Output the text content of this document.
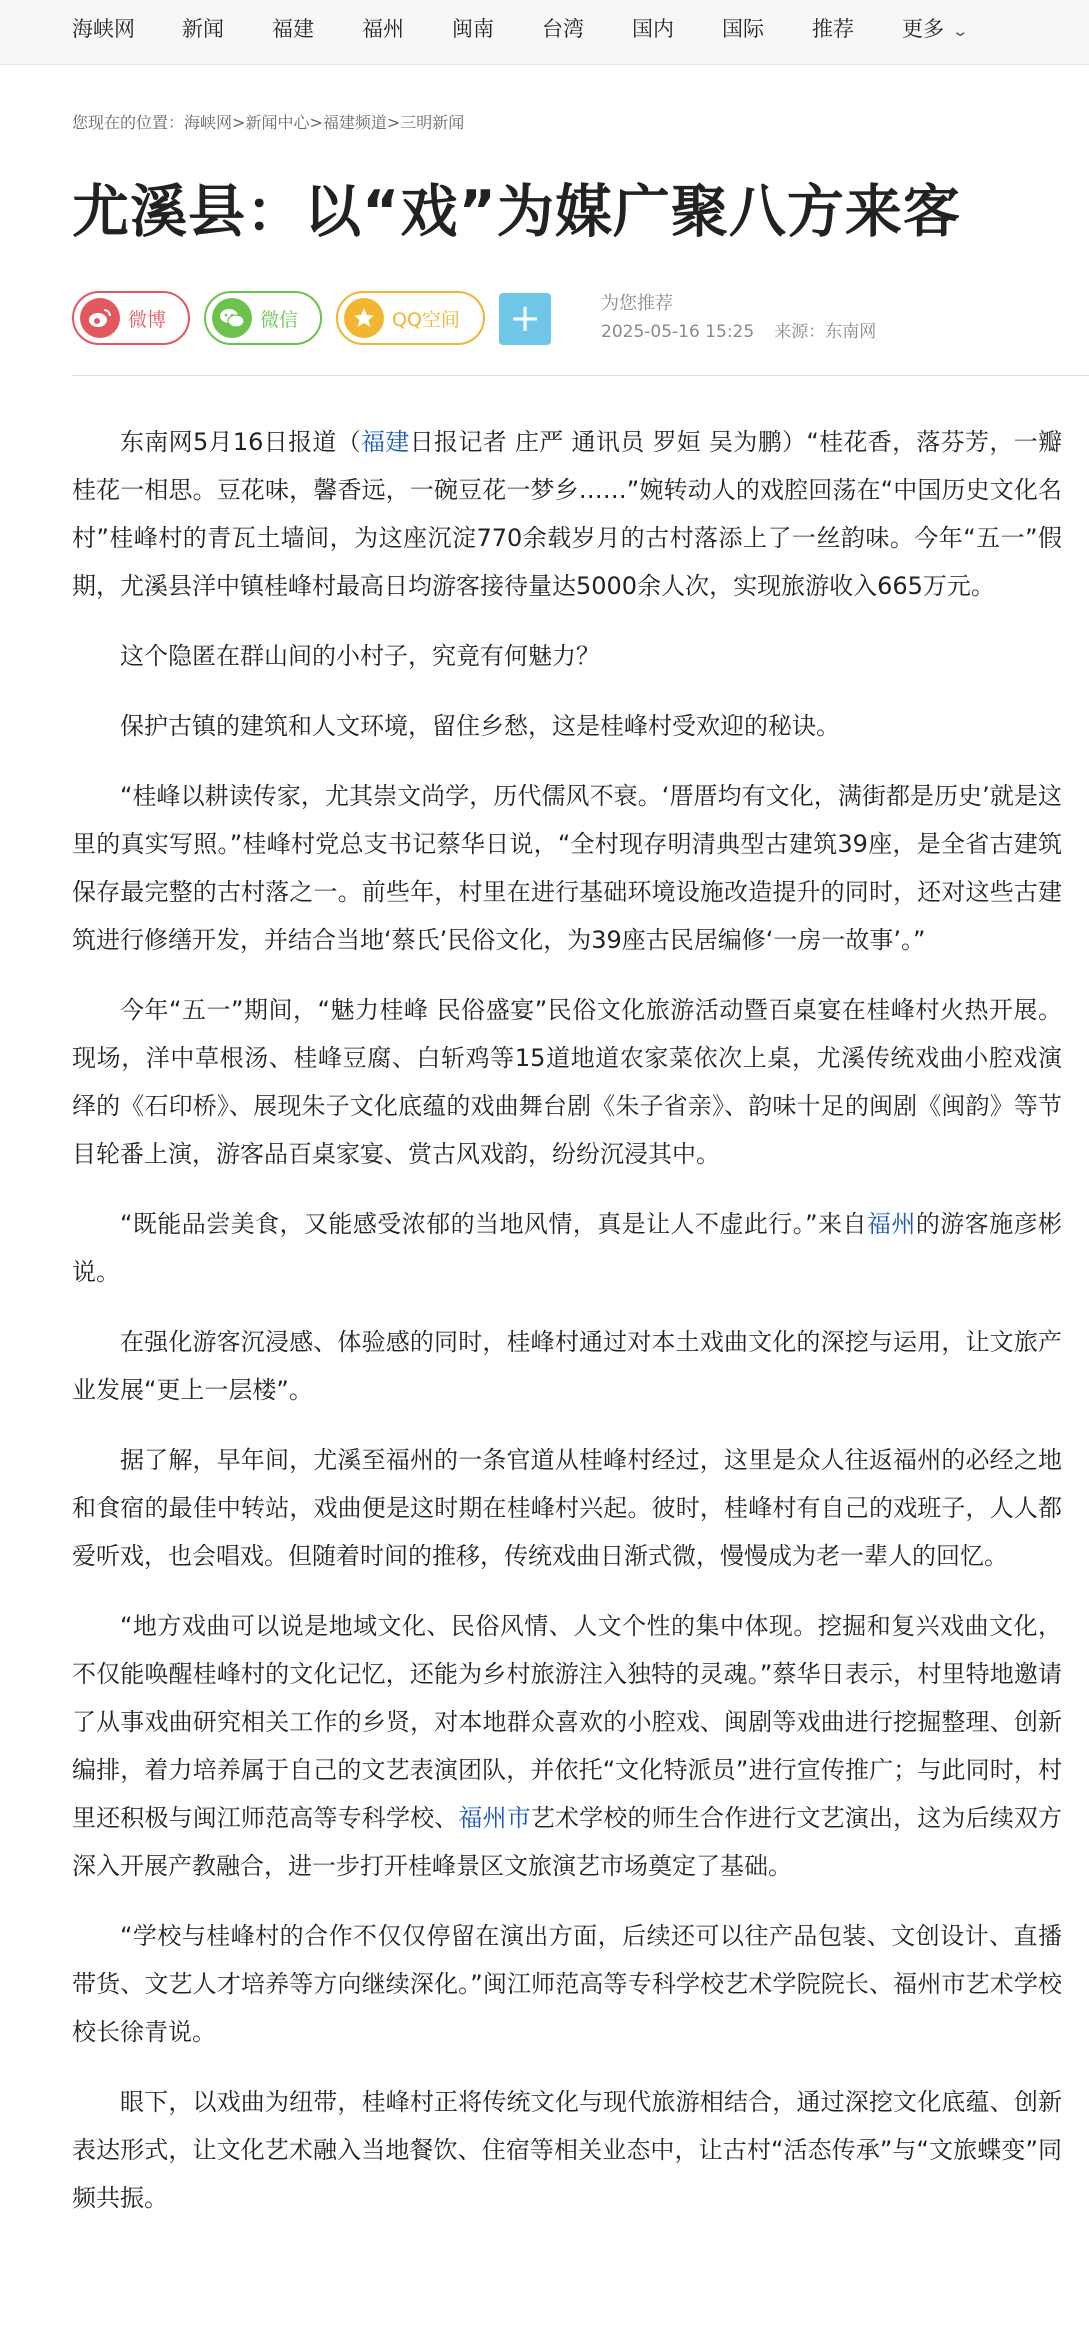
海峡网 新闻 福建 福州 闽南 台湾 国内 国际 推荐 更多 ⌄
您现在的位置：海峡网>新闻中心>福建频道>三明新闻
尤溪县：以“戏”为媒广聚八方来客
微博	微信	QQ空间 +	为您推荐
2025-05-16 15:25 来源：东南网

东南网5月16日报道（福建日报记者 庄严 通讯员 罗姮 吴为鹏）“桂花香，落芬芳，一瓣桂花一相思。豆花味，馨香远，一碗豆花一梦乡……”婉转动人的戏腔回荡在“中国历史文化名村”桂峰村的青瓦土墙间，为这座沉淀770余载岁月的古村落添上了一丝韵味。今年“五一”假期，尤溪县洋中镇桂峰村最高日均游客接待量达5000余人次，实现旅游收入665万元。

这个隐匿在群山间的小村子，究竟有何魅力？

保护古镇的建筑和人文环境，留住乡愁，这是桂峰村受欢迎的秘诀。

“桂峰以耕读传家，尤其崇文尚学，历代儒风不衰。‘厝厝均有文化，满街都是历史’就是这里的真实写照。”桂峰村党总支书记蔡华日说，“全村现存明清典型古建筑39座，是全省古建筑保存最完整的古村落之一。前些年，村里在进行基础环境设施改造提升的同时，还对这些古建筑进行修缮开发，并结合当地‘蔡氏’民俗文化，为39座古民居编修‘一房一故事’。”

今年“五一”期间，“魅力桂峰 民俗盛宴”民俗文化旅游活动暨百桌宴在桂峰村火热开展。现场，洋中草根汤、桂峰豆腐、白斩鸡等15道地道农家菜依次上桌，尤溪传统戏曲小腔戏演绎的《石印桥》、展现朱子文化底蕴的戏曲舞台剧《朱子省亲》、韵味十足的闽剧《闽韵》等节目轮番上演，游客品百桌家宴、赏古风戏韵，纷纷沉浸其中。

“既能品尝美食，又能感受浓郁的当地风情，真是让人不虚此行。”来自福州的游客施彦彬说。

在强化游客沉浸感、体验感的同时，桂峰村通过对本土戏曲文化的深挖与运用，让文旅产业发展“更上一层楼”。

据了解，早年间，尤溪至福州的一条官道从桂峰村经过，这里是众人往返福州的必经之地和食宿的最佳中转站，戏曲便是这时期在桂峰村兴起。彼时，桂峰村有自己的戏班子，人人都爱听戏，也会唱戏。但随着时间的推移，传统戏曲日渐式微，慢慢成为老一辈人的回忆。

“地方戏曲可以说是地域文化、民俗风情、人文个性的集中体现。挖掘和复兴戏曲文化，不仅能唤醒桂峰村的文化记忆，还能为乡村旅游注入独特的灵魂。”蔡华日表示，村里特地邀请了从事戏曲研究相关工作的乡贤，对本地群众喜欢的小腔戏、闽剧等戏曲进行挖掘整理、创新编排，着力培养属于自己的文艺表演团队，并依托“文化特派员”进行宣传推广；与此同时，村里还积极与闽江师范高等专科学校、福州市艺术学校的师生合作进行文艺演出，这为后续双方深入开展产教融合，进一步打开桂峰景区文旅演艺市场奠定了基础。

“学校与桂峰村的合作不仅仅停留在演出方面，后续还可以往产品包装、文创设计、直播带货、文艺人才培养等方向继续深化。”闽江师范高等专科学校艺术学院院长、福州市艺术学校校长徐青说。

眼下，以戏曲为纽带，桂峰村正将传统文化与现代旅游相结合，通过深挖文化底蕴、创新表达形式，让文化艺术融入当地餐饮、住宿等相关业态中，让古村“活态传承”与“文旅蝶变”同频共振。
